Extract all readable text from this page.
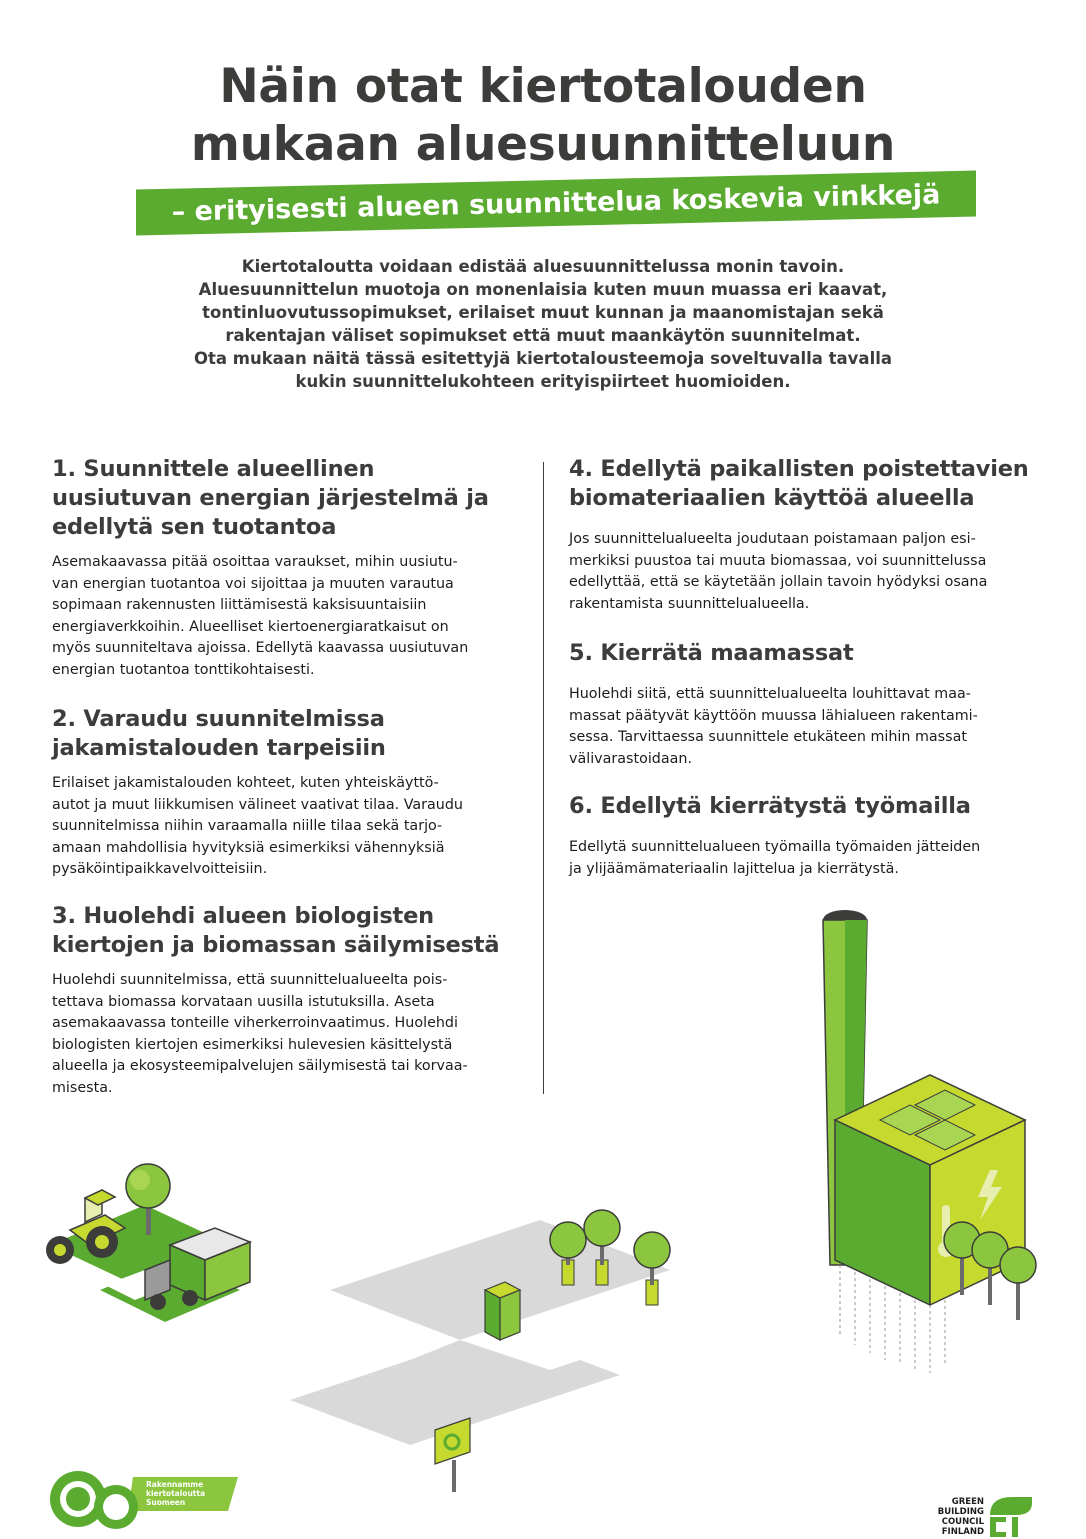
Näin otat kiertotalouden
mukaan aluesuunnitteluun
– erityisesti alueen suunnittelua koskevia vinkkejä
Kiertotaloutta voidaan edistää aluesuunnittelussa monin tavoin.
Aluesuunnittelun muotoja on monenlaisia kuten muun muassa eri kaavat,
tontinluovutussopimukset, erilaiset muut kunnan ja maanomistajan sekä
rakentajan väliset sopimukset että muut maankäytön suunnitelmat.
Ota mukaan näitä tässä esitettyjä kiertotalousteemoja soveltuvalla tavalla
kukin suunnittelukohteen erityispiirteet huomioiden.
1. Suunnittele alueellinen
uusiutuvan energian järjestelmä ja
edellytä sen tuotantoa
Asemakaavassa pitää osoittaa varaukset, mihin uusiutu-
van energian tuotantoa voi sijoittaa ja muuten varautua
sopimaan rakennusten liittämisestä kaksisuuntaisiin
energiaverkkoihin. Alueelliset kiertoenergiaratkaisut on
myös suunniteltava ajoissa. Edellytä kaavassa uusiutuvan
energian tuotantoa tonttikohtaisesti.
2. Varaudu suunnitelmissa
jakamistalouden tarpeisiin
Erilaiset jakamistalouden kohteet, kuten yhteiskäyttö-
autot ja muut liikkumisen välineet vaativat tilaa. Varaudu
suunnitelmissa niihin varaamalla niille tilaa sekä tarjo-
amaan mahdollisia hyvityksiä esimerkiksi vähennyksiä
pysäköintipaikkavelvoitteisiin.
3. Huolehdi alueen biologisten
kiertojen ja biomassan säilymisestä
Huolehdi suunnitelmissa, että suunnittelualueelta pois-
tettava biomassa korvataan uusilla istutuksilla. Aseta
asemakaavassa tonteille viherkerroinvaatimus. Huolehdi
biologisten kiertojen esimerkiksi hulevesien käsittelystä
alueella ja ekosysteemipalvelujen säilymisestä tai korvaa-
misesta.
4. Edellytä paikallisten poistettavien
biomateriaalien käyttöä alueella
Jos suunnittelualueelta joudutaan poistamaan paljon esi-
merkiksi puustoa tai muuta biomassaa, voi suunnittelussa
edellyttää, että se käytetään jollain tavoin hyödyksi osana
rakentamista suunnittelualueella.
5. Kierrätä maamassat
Huolehdi siitä, että suunnittelualueelta louhittavat maa-
massat päätyvät käyttöön muussa lähialueen rakentami-
sessa. Tarvittaessa suunnittele etukäteen mihin massat
välivarastoidaan.
6. Edellytä kierrätystä työmailla
Edellytä suunnittelualueen työmailla työmaiden jätteiden
ja ylijäämämateriaalin lajittelua ja kierrätystä.
Rakennamme
kiertotaloutta
Suomeen	GREEN
BUILDING
COUNCIL
FINLAND
